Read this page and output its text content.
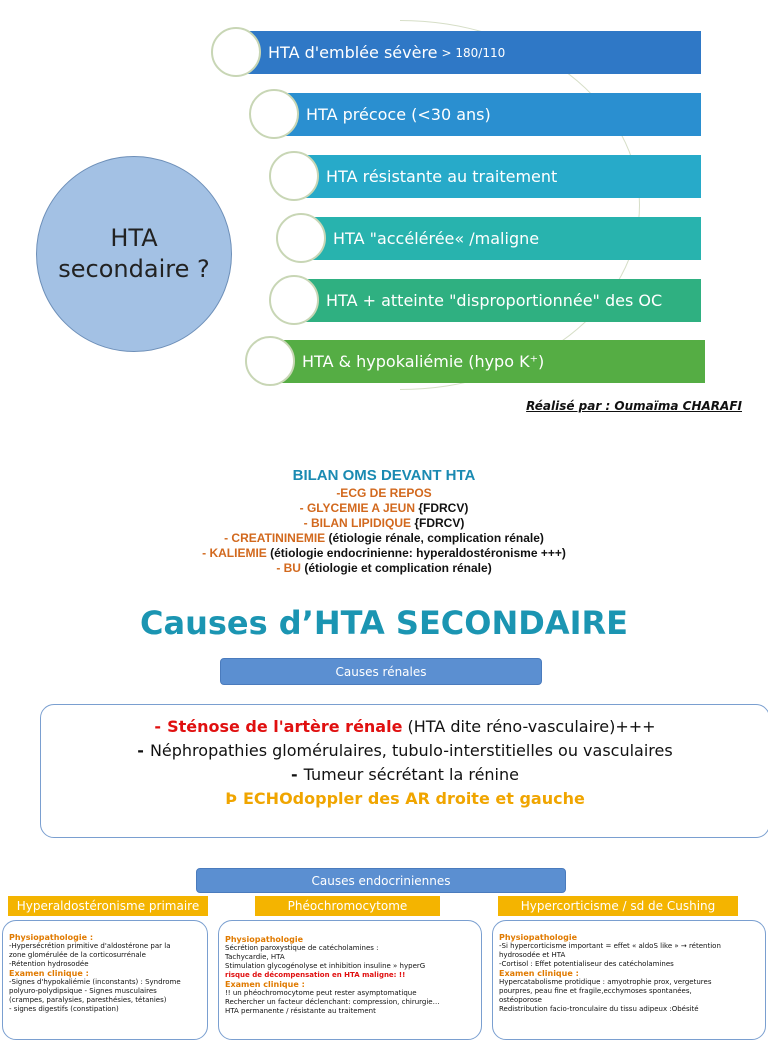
HTA
secondaire ?
HTA d'emblée sévère > 180/110
HTA précoce (<30 ans)
HTA résistante au traitement
HTA "accélérée« /maligne
HTA + atteinte "disproportionnée" des OC
HTA & hypokaliémie (hypo K⁺)
Réalisé par : Oumaïma CHARAFI
BILAN OMS DEVANT HTA
-ECG DE REPOS
- GLYCEMIE A JEUN {FDRCV)
- BILAN LIPIDIQUE {FDRCV)
- CREATININEMIE (étiologie rénale, complication rénale)
- KALIEMIE (étiologie endocrinienne: hyperaldostéronisme +++)
- BU (étiologie et complication rénale)
Causes d’HTA SECONDAIRE
Causes rénales
- Sténose de l'artère rénale (HTA dite réno-vasculaire)+++
- Néphropathies glomérulaires, tubulo-interstitielles ou vasculaires
- Tumeur sécrétant la rénine
Þ ECHOdoppler des AR droite et gauche
Causes endocriniennes
Hyperaldostéronisme primaire	Phéochromocytome	Hypercorticisme / sd de Cushing
Physiopathologie :
-Hypersécrétion primitive d'aldostérone par la
zone glomérulée de la corticosurrénale
-Rétention hydrosodée
Examen clinique :
-Signes d'hypokaliémie (inconstants) : Syndrome
polyuro-polydipsique - Signes musculaires
(crampes, paralysies, paresthésies, tétanies)
- signes digestifs (constipation)
Physiopathologie
Sécrétion paroxystique de catécholamines :
Tachycardie, HTA
Stimulation glycogénolyse et inhibition insuline » hyperG
risque de décompensation en HTA maligne: !!
Examen clinique :
!! un phéochromocytome peut rester asymptomatique
Rechercher un facteur déclenchant: compression, chirurgie…
HTA permanente / résistante au traitement
Physiopathologie
-Si hypercorticisme important = effet « aldoS like » → rétention
hydrosodée et HTA
-Cortisol : Effet potentialiseur des catécholamines
Examen clinique :
Hypercatabolisme protidique : amyotrophie prox, vergetures
pourpres, peau fine et fragile,ecchymoses spontanées,
ostéoporose
Redistribution facio-tronculaire du tissu adipeux :Obésité
